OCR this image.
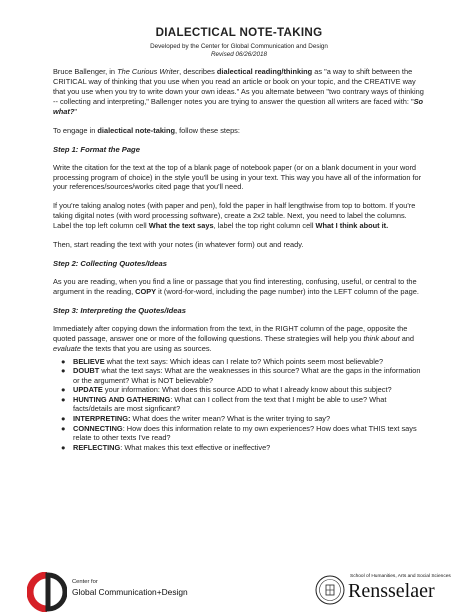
DIALECTICAL NOTE-TAKING
Developed by the Center for Global Communication and Design
Revised 06/26/2018

Bruce Ballenger, in The Curious Writer, describes dialectical reading/thinking as "a way to shift between the CRITICAL way of thinking that you use when you read an article or book on your topic, and the CREATIVE way that you use when you try to write down your own ideas." As you alternate between "two contrary ways of thinking -- collecting and interpreting," Ballenger notes you are trying to answer the question all writers are faced with: "So what?"

To engage in dialectical note-taking, follow these steps:

Step 1: Format the Page

Write the citation for the text at the top of a blank page of notebook paper (or on a blank document in your word processing program of choice) in the style you'll be using in your text. This way you have all of the information for your references/sources/works cited page that you'll need.

If you're taking analog notes (with paper and pen), fold the paper in half lengthwise from top to bottom. If you're taking digital notes (with word processing software), create a 2x2 table. Next, you need to label the columns. Label the top left column cell What the text says, label the top right column cell What I think about it.

Then, start reading the text with your notes (in whatever form) out and ready.

Step 2: Collecting Quotes/Ideas

As you are reading, when you find a line or passage that you find interesting, confusing, useful, or central to the argument in the reading, COPY it (word-for-word, including the page number) into the LEFT column of the page.

Step 3: Interpreting the Quotes/Ideas

Immediately after copying down the information from the text, in the RIGHT column of the page, opposite the quoted passage, answer one or more of the following questions. These strategies will help you think about and evaluate the texts that you are using as sources.

● BELIEVE what the text says: Which ideas can I relate to? Which points seem most believable?
● DOUBT what the text says: What are the weaknesses in this source? What are the gaps in the information or the argument? What is NOT believable?
● UPDATE your information: What does this source ADD to what I already know about this subject?
● HUNTING AND GATHERING: What can I collect from the text that I might be able to use? What facts/details are most signficant?
● INTERPRETING: What does the writer mean? What is the writer trying to say?
● CONNECTING: How does this information relate to my own experiences? How does what THIS text says relate to other texts I've read?
● REFLECTING: What makes this text effective or ineffective?
Center for
Global Communication+Design
School of Humanities, Arts and Social Sciences
Rensselaer
